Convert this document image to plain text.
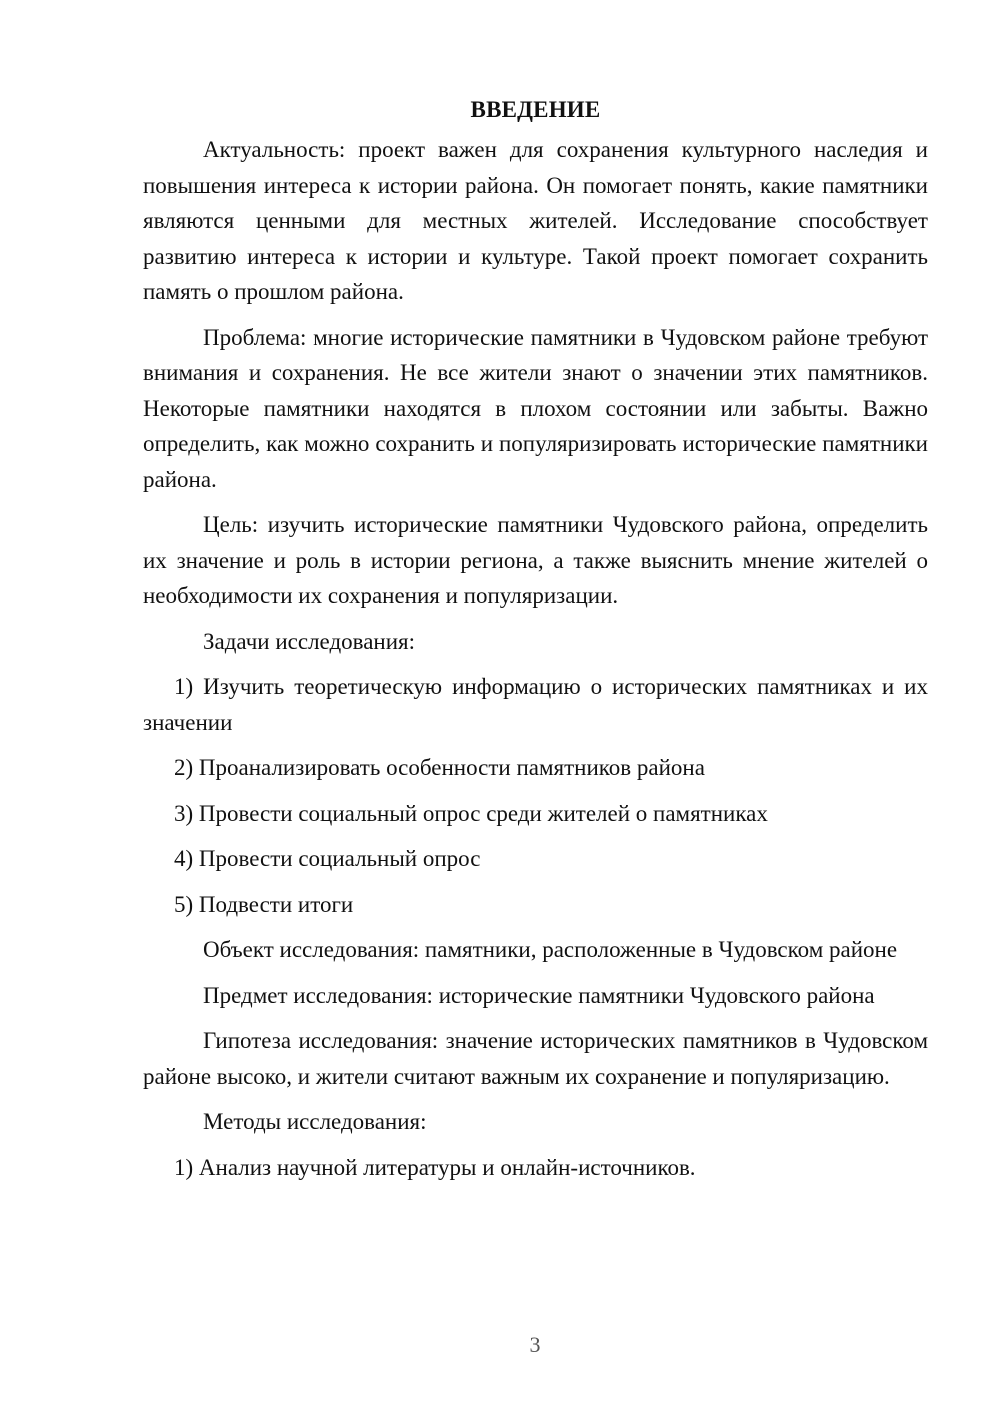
ВВЕДЕНИЕ

Актуальность: проект важен для сохранения культурного наследия и повышения интереса к истории района. Он помогает понять, какие памятники являются ценными для местных жителей. Исследование способствует развитию интереса к истории и культуре. Такой проект помогает сохранить память о прошлом района.

Проблема: многие исторические памятники в Чудовском районе требуют внимания и сохранения. Не все жители знают о значении этих памятников. Некоторые памятники находятся в плохом состоянии или забыты. Важно определить, как можно сохранить и популяризировать исторические памятники района.

Цель: изучить исторические памятники Чудовского района, определить их значение и роль в истории региона, а также выяснить мнение жителей о необходимости их сохранения и популяризации.

Задачи исследования:

1) Изучить теоретическую информацию о исторических памятниках и их значении

2) Проанализировать особенности памятников района

3) Провести социальный опрос среди жителей о памятниках

4) Провести социальный опрос

5) Подвести итоги

Объект исследования: памятники, расположенные в Чудовском районе

Предмет исследования: исторические памятники Чудовского района

Гипотеза исследования: значение исторических памятников в Чудовском районе высоко, и жители считают важным их сохранение и популяризацию.

Методы исследования:

1) Анализ научной литературы и онлайн-источников.

3
